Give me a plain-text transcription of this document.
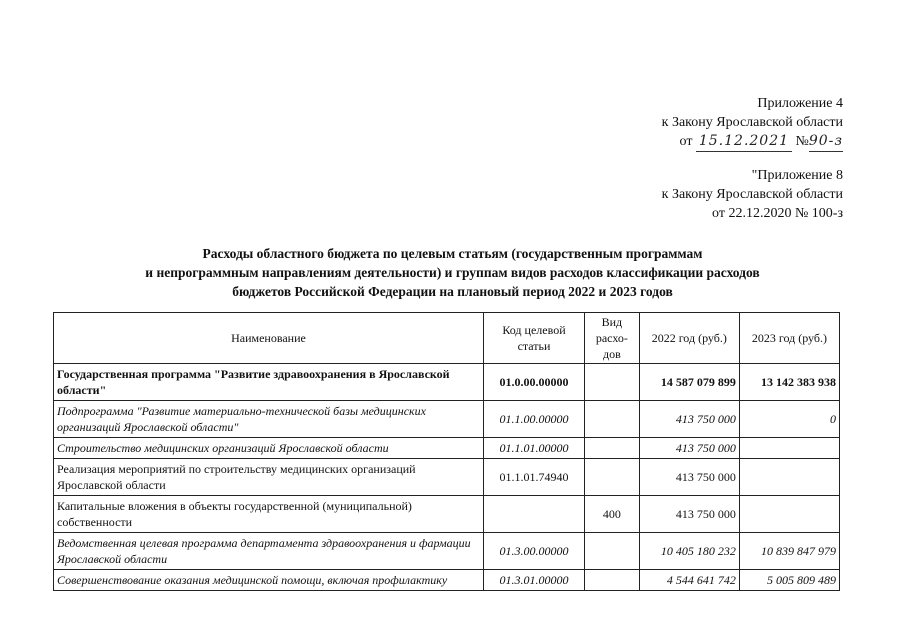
Приложение 4
к Закону Ярославской области
от 15.12.2021 №90-з
"Приложение 8
к Закону Ярославской области
от 22.12.2020 № 100-з
Расходы областного бюджета по целевым статьям (государственным программам
и непрограммным направлениям деятельности) и группам видов расходов классификации расходов
бюджетов Российской Федерации на плановый период 2022 и 2023 годов
Наименование	Код целевой статьи	Вид расхо-дов	2022 год (руб.)	2023 год (руб.)
Государственная программа "Развитие здравоохранения в Ярославской области"	01.0.00.00000		14 587 079 899	13 142 383 938
Подпрограмма "Развитие материально-технической базы медицинских организаций Ярославской области"	01.1.00.00000		413 750 000	0
Строительство медицинских организаций Ярославской области	01.1.01.00000		413 750 000	
Реализация мероприятий по строительству медицинских организаций Ярославской области	01.1.01.74940		413 750 000	
Капитальные вложения в объекты государственной (муниципальной) собственности		400	413 750 000	
Ведомственная целевая программа департамента здравоохранения и фармации Ярославской области	01.3.00.00000		10 405 180 232	10 839 847 979
Совершенствование оказания медицинской помощи, включая профилактику	01.3.01.00000		4 544 641 742	5 005 809 489
